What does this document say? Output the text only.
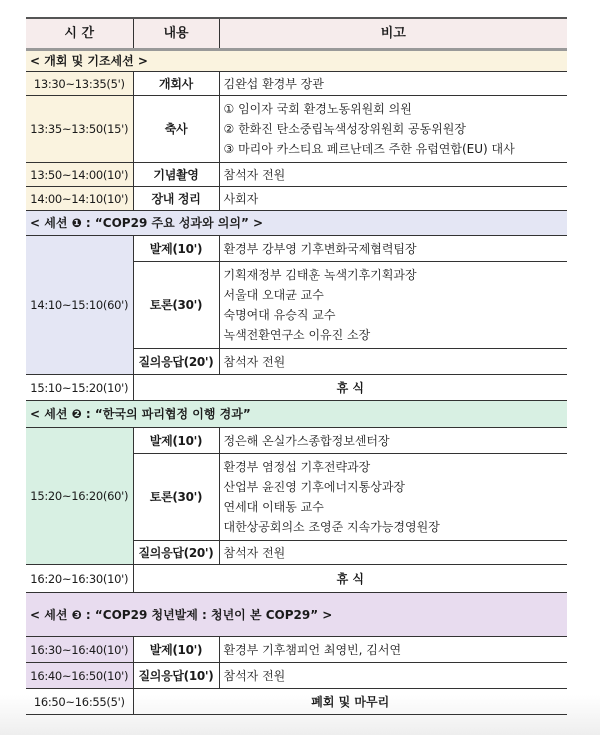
시 간	내용	비고
< 개회 및 기조세션 >		
13:30~13:35(5')	개회사	김완섭 환경부 장관
13:35~13:50(15')	축사	① 임이자 국회 환경노동위원회 의원
② 한화진 탄소중립녹색성장위원회 공동위원장
③ 마리아 카스티요 페르난데즈 주한 유럽연합(EU) 대사

13:50~14:00(10')	기념촬영	참석자 전원
14:00~14:10(10')	장내 정리	사회자
< 세션 ❶ : “COP29 주요 성과와 의의” >		
14:10~15:10(60')	발제(10')	환경부 강부영 기후변화국제협력팀장
	토론(30')	기획재정부 김태훈 녹색기후기획과장
서울대 오대균 교수
숙명여대 유승직 교수
녹색전환연구소 이유진 소장

	질의응답(20')	참석자 전원
15:10~15:20(10')	휴 식	
< 세션 ❷ : “한국의 파리협정 이행 경과”		
15:20~16:20(60')	발제(10')	정은해 온실가스종합정보센터장
	토론(30')	환경부 염정섭 기후전략과장
산업부 윤진영 기후에너지통상과장
연세대 이태동 교수
대한상공회의소 조영준 지속가능경영원장

	질의응답(20')	참석자 전원
16:20~16:30(10')	휴 식	
< 세션 ❸ : “COP29 청년발제 : 청년이 본 COP29” >		
16:30~16:40(10')	발제(10')	환경부 기후챔피언 최영빈, 김서연
16:40~16:50(10')	질의응답(10')	참석자 전원
16:50~16:55(5')	폐회 및 마무리	
